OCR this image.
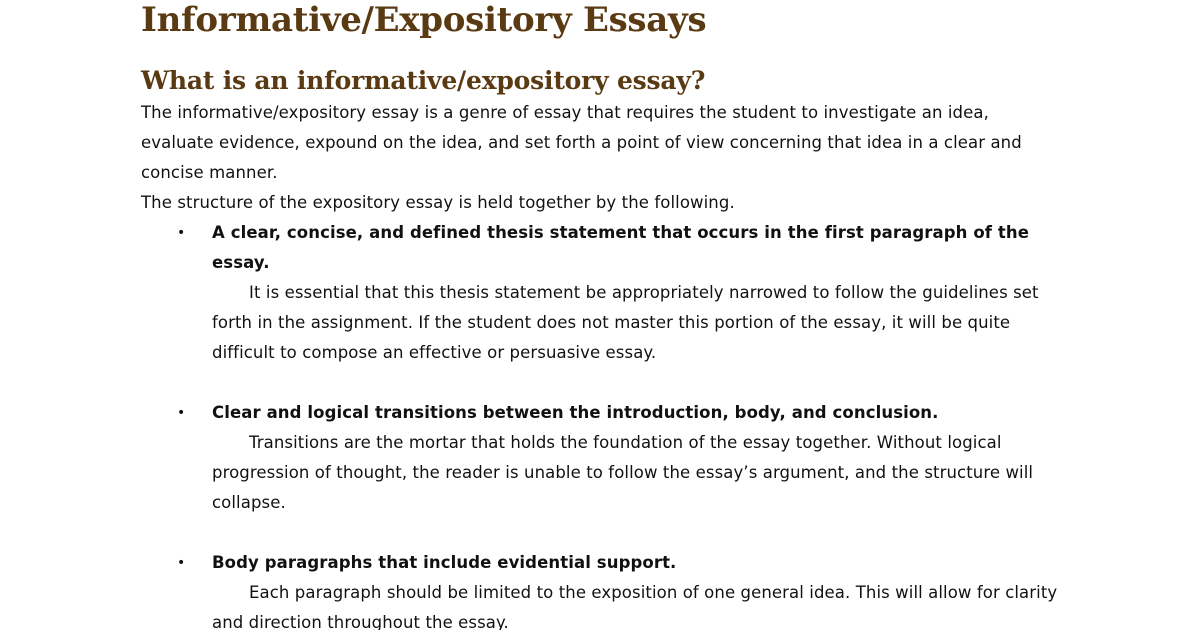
Informative/Expository Essays
What is an informative/expository essay?

The informative/expository essay is a genre of essay that requires the student to investigate an idea, evaluate evidence, expound on the idea, and set forth a point of view concerning that idea in a clear and concise manner.

The structure of the expository essay is held together by the following.

• A clear, concise, and defined thesis statement that occurs in the first paragraph of the essay.
It is essential that this thesis statement be appropriately narrowed to follow the guidelines set forth in the assignment. If the student does not master this portion of the essay, it will be quite difficult to compose an effective or persuasive essay.
• Clear and logical transitions between the introduction, body, and conclusion.
Transitions are the mortar that holds the foundation of the essay together. Without logical progression of thought, the reader is unable to follow the essay’s argument, and the structure will collapse.
• Body paragraphs that include evidential support.
Each paragraph should be limited to the exposition of one general idea. This will allow for clarity and direction throughout the essay.
